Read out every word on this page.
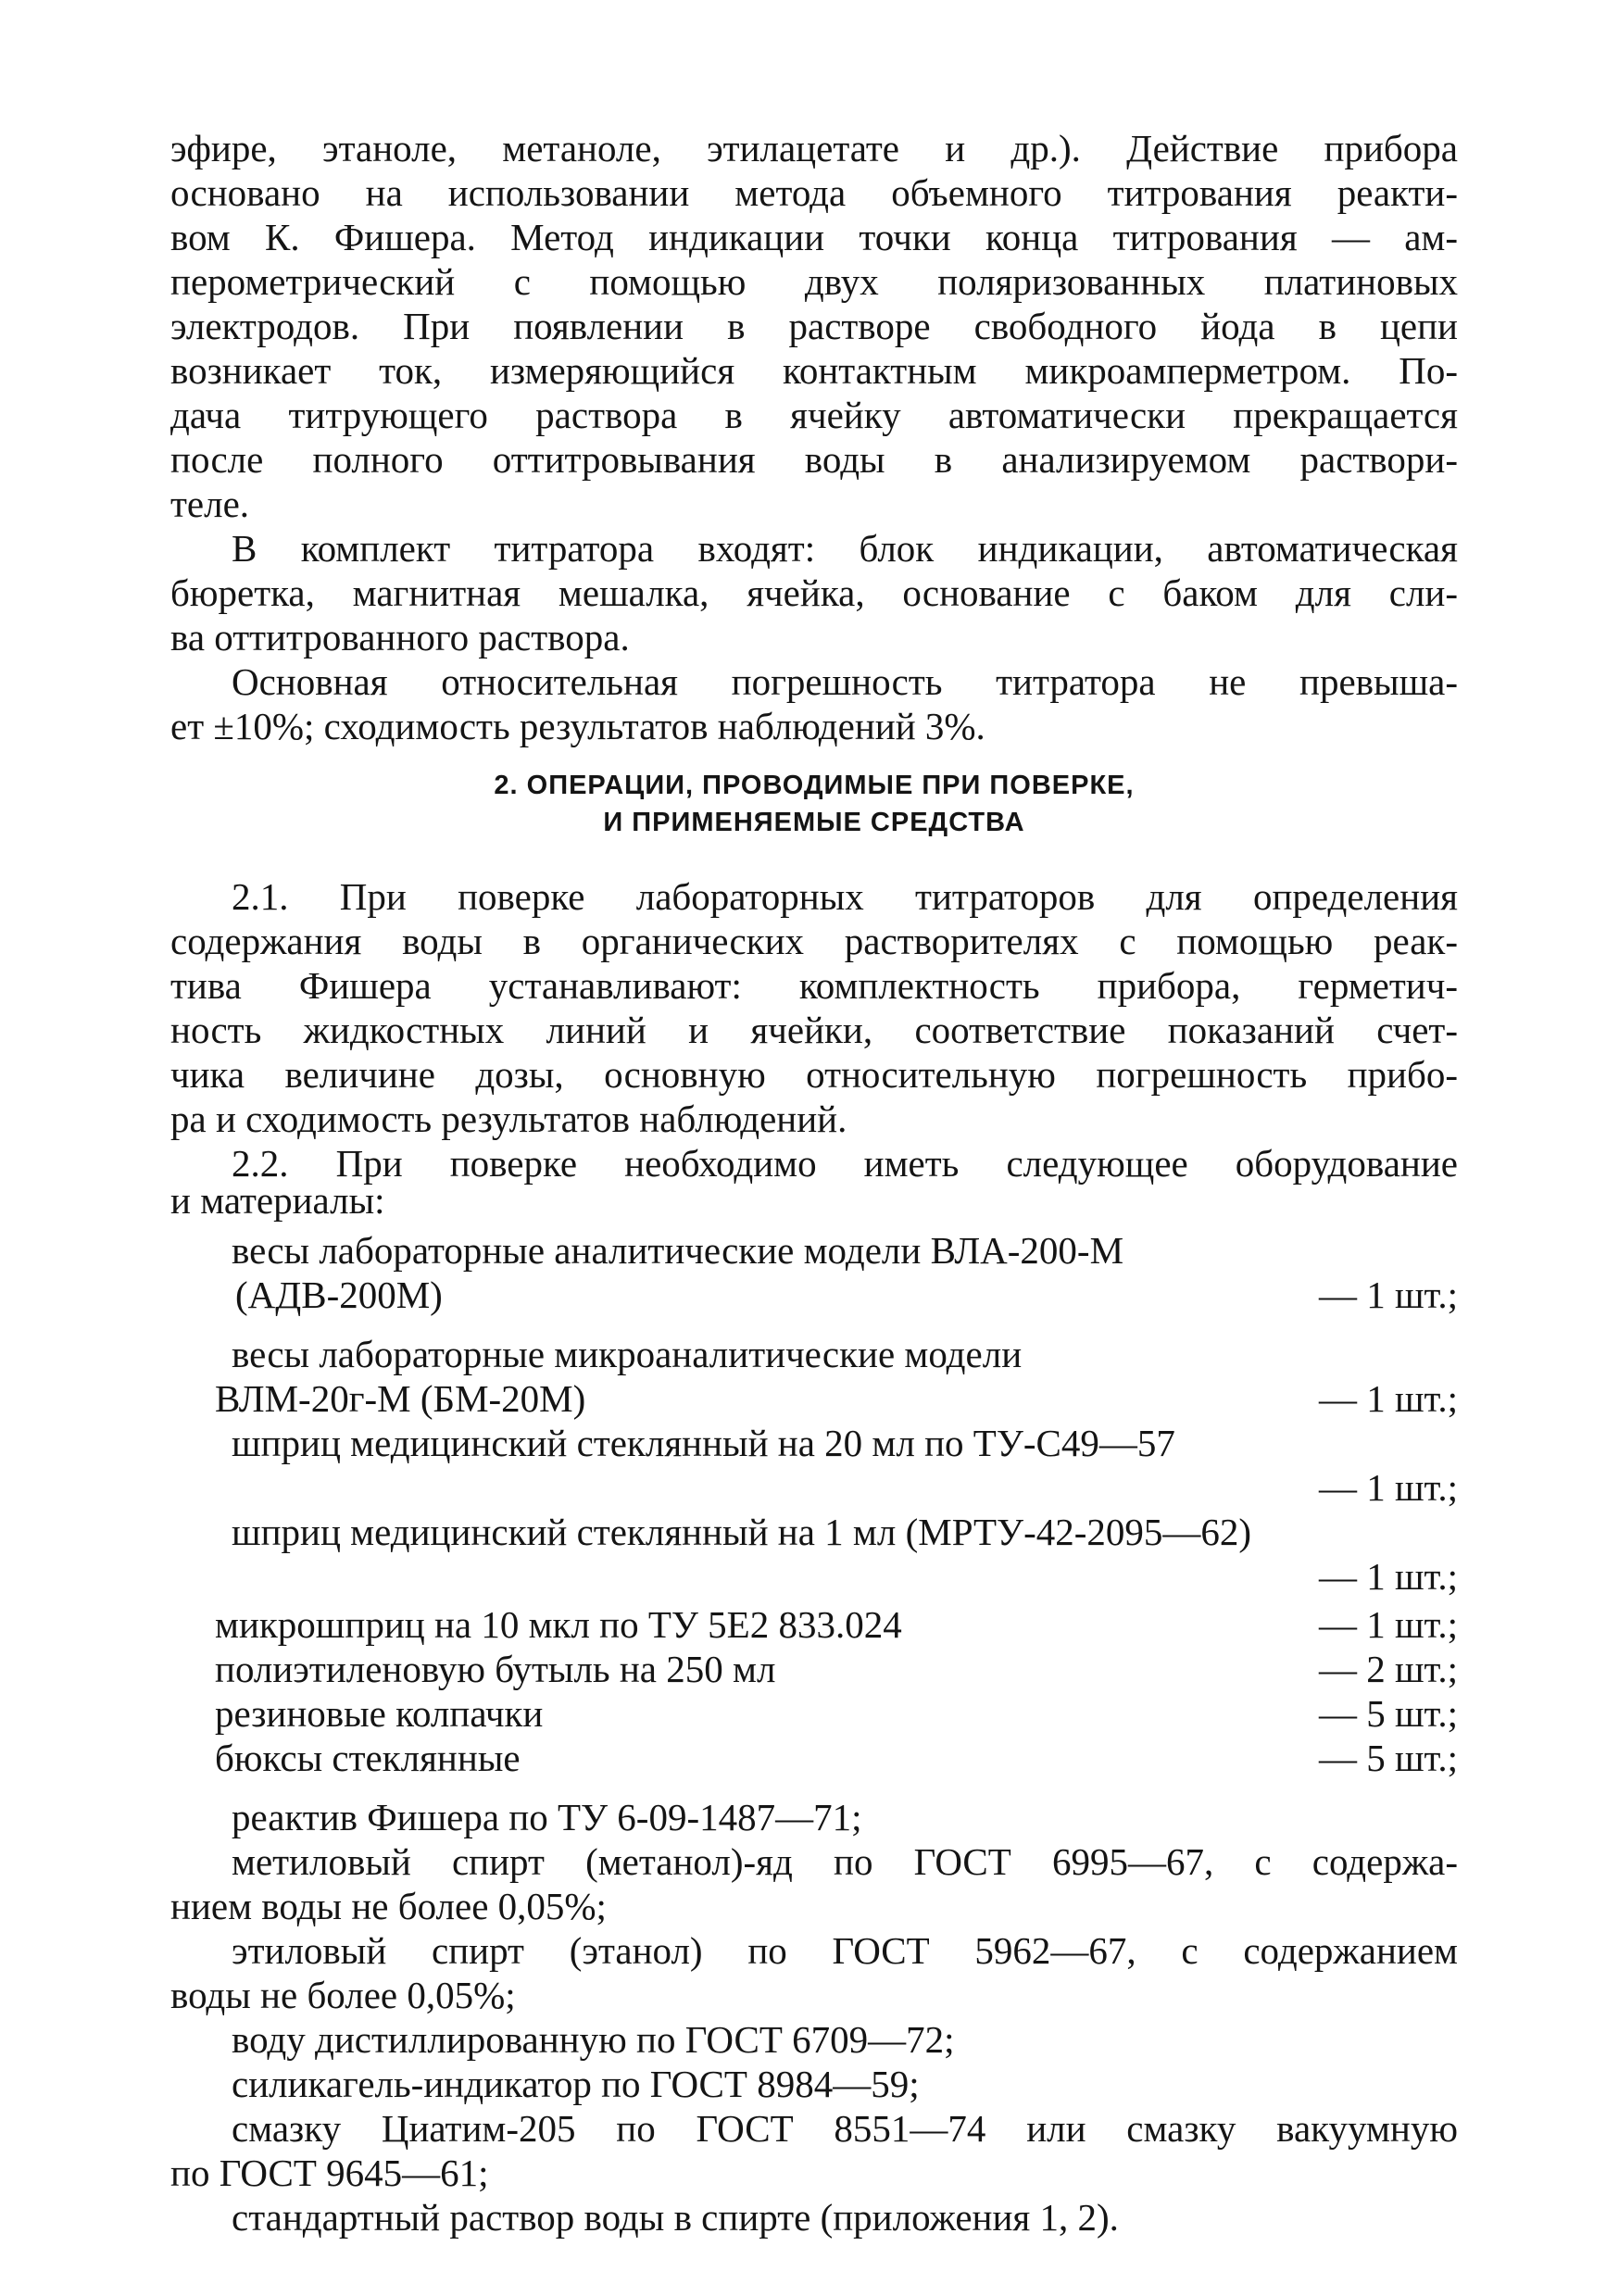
эфире, этаноле, метаноле, этилацетате и др.). Действие прибора
основано на использовании метода объемного титрования реакти-
вом К. Фишера. Метод индикации точки конца титрования — ам-
перометрический с помощью двух поляризованных платиновых
электродов. При появлении в растворе свободного йода в цепи
возникает ток, измеряющийся контактным микроамперметром. По-
дача титрующего раствора в ячейку автоматически прекращается
после полного оттитровывания воды в анализируемом раствори-
теле.
В комплект титратора входят: блок индикации, автоматическая
бюретка, магнитная мешалка, ячейка, основание с баком для сли-
ва оттитрованного раствора.
Основная относительная погрешность титратора не превыша-
ет ±10%; сходимость результатов наблюдений 3%.
2. ОПЕРАЦИИ, ПРОВОДИМЫЕ ПРИ ПОВЕРКЕ,
И ПРИМЕНЯЕМЫЕ СРЕДСТВА
2.1. При поверке лабораторных титраторов для определения
содержания воды в органических растворителях с помощью реак-
тива Фишера устанавливают: комплектность прибора, герметич-
ность жидкостных линий и ячейки, соответствие показаний счет-
чика величине дозы, основную относительную погрешность прибо-
ра и сходимость результатов наблюдений.
2.2. При поверке необходимо иметь следующее оборудование
и материалы:
весы лабораторные аналитические модели ВЛА-200-М
(АДВ-200М)	— 1 шт.;
весы лабораторные микроаналитические модели
ВЛМ-20г-М (БМ-20М)	— 1 шт.;
шприц медицинский стеклянный на 20 мл по ТУ-С49—57
— 1 шт.;
шприц медицинский стеклянный на 1 мл (МРТУ-42-2095—62)
— 1 шт.;
микрошприц на 10 мкл по ТУ 5Е2 833.024	— 1 шт.;
полиэтиленовую бутыль на 250 мл	— 2 шт.;
резиновые колпачки	— 5 шт.;
бюксы стеклянные	— 5 шт.;
реактив Фишера по ТУ 6-09-1487—71;
метиловый спирт (метанол)-яд по ГОСТ 6995—67, с содержа-
нием воды не более 0,05%;
этиловый спирт (этанол) по ГОСТ 5962—67, с содержанием
воды не более 0,05%;
воду дистиллированную по ГОСТ 6709—72;
силикагель-индикатор по ГОСТ 8984—59;
смазку Циатим-205 по ГОСТ 8551—74 или смазку вакуумную
по ГОСТ 9645—61;
стандартный раствор воды в спирте (приложения 1, 2).
